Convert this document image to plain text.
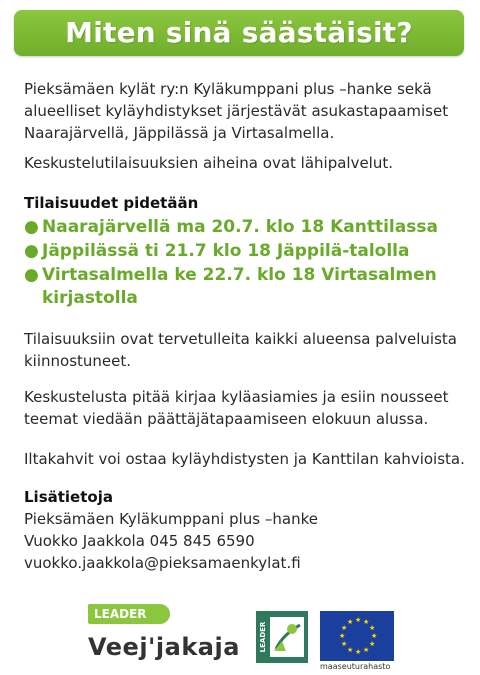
Miten sinä säästäisit?
Pieksämäen kylät ry:n Kyläkumppani plus –hanke sekä
alueelliset kyläyhdistykset järjestävät asukastapaamiset
Naarajärvellä, Jäppilässä ja Virtasalmella.
Keskustelutilaisuuksien aiheina ovat lähipalvelut.
Tilaisuudet pidetään
● Naarajärvellä ma 20.7. klo 18 Kanttilassa
● Jäppilässä ti 21.7 klo 18 Jäppilä-talolla
● Virtasalmella ke 22.7. klo 18 Virtasalmen
kirjastolla
Tilaisuuksiin ovat tervetulleita kaikki alueensa palveluista
kiinnostuneet.
Keskustelusta pitää kirjaa kyläasiamies ja esiin nousseet
teemat viedään päättäjätapaamiseen elokuun alussa.
Iltakahvit voi ostaa kyläyhdistysten ja Kanttilan kahvioista.
Lisätietoja
Pieksämäen Kyläkumppani plus –hanke
Vuokko Jaakkola 045 845 6590
vuokko.jaakkola@pieksamaenkylat.fi
LEADER
Veej'jakaja	LEADER
★ ★
★
★
★
★
★
★
★
★
★
★
maaseuturahasto
